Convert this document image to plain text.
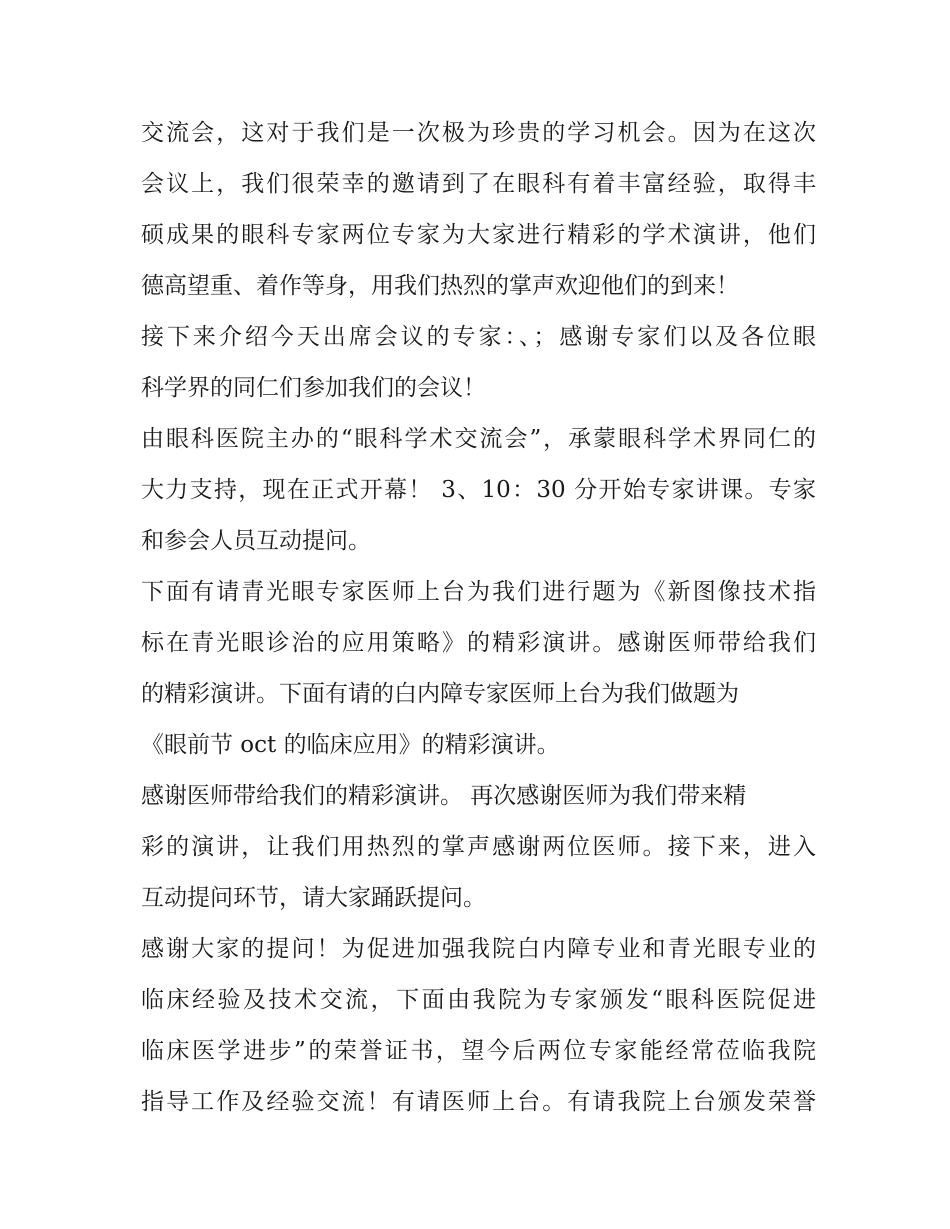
交流会，这对于我们是一次极为珍贵的学习机会。因为在这次
会议上，我们很荣幸的邀请到了在眼科有着丰富经验，取得丰
硕成果的眼科专家两位专家为大家进行精彩的学术演讲，他们
德高望重、着作等身，用我们热烈的掌声欢迎他们的到来！
接下来介绍今天出席会议的专家：、；感谢专家们以及各位眼
科学界的同仁们参加我们的会议！
由眼科医院主办的“眼科学术交流会”，承蒙眼科学术界同仁的
大力支持，现在正式开幕！ 3、10：30 分开始专家讲课。专家
和参会人员互动提问。
下面有请青光眼专家医师上台为我们进行题为《新图像技术指
标在青光眼诊治的应用策略》的精彩演讲。感谢医师带给我们
的精彩演讲。下面有请的白内障专家医师上台为我们做题为
《眼前节 oct 的临床应用》的精彩演讲。
感谢医师带给我们的精彩演讲。 再次感谢医师为我们带来精
彩的演讲，让我们用热烈的掌声感谢两位医师。接下来，进入
互动提问环节，请大家踊跃提问。
感谢大家的提问！为促进加强我院白内障专业和青光眼专业的
临床经验及技术交流，下面由我院为专家颁发“眼科医院促进
临床医学进步”的荣誉证书，望今后两位专家能经常莅临我院
指导工作及经验交流！有请医师上台。有请我院上台颁发荣誉
